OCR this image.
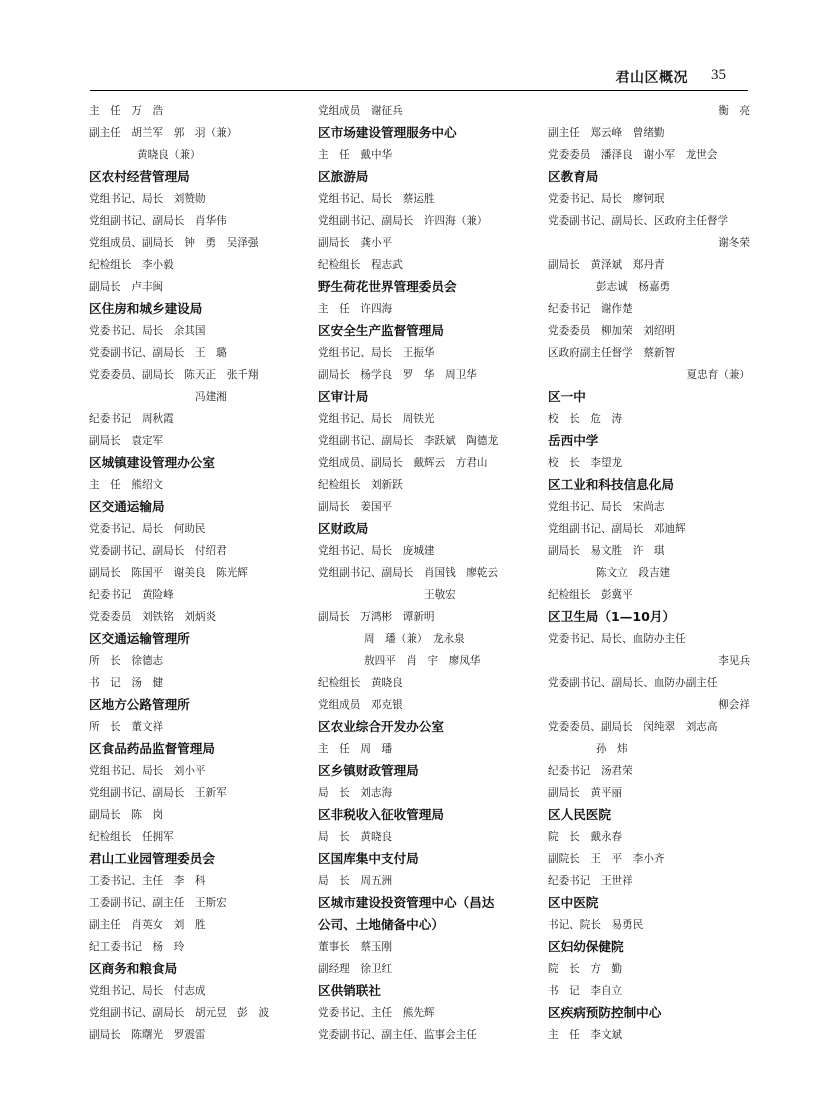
君山区概况 35
主　任　万　浩
副主任　胡兰军　郭　羽（兼）
黄晓良（兼）
区农村经营管理局
党组书记、局长　刘赞勋
党组副书记、副局长　肖华伟
党组成员、副局长　钟　勇　吴泽强
纪检组长　李小毅
副局长　卢丰闽
区住房和城乡建设局
党委书记、局长　余其国
党委副书记、副局长　王　璐
党委委员、副局长　陈天正　张千翔
冯建湘
纪委书记　周秋霞
副局长　袁定军
区城镇建设管理办公室
主　任　熊绍文
区交通运输局
党委书记、局长　何助民
党委副书记、副局长　付绍君
副局长　陈国平　谢美良　陈光辉
纪委书记　黄险峰
党委委员　刘铁铭　刘炳炎
区交通运输管理所
所　长　徐德志
书　记　汤　健
区地方公路管理所
所　长　董文祥
区食品药品监督管理局
党组书记、局长　刘小平
党组副书记、副局长　王新军
副局长　陈　岗
纪检组长　任拥军
君山工业园管理委员会
工委书记、主任　李　科
工委副书记、副主任　王斯宏
副主任　肖英女　刘　胜
纪工委书记　杨　玲
区商务和粮食局
党组书记、局长　付志成
党组副书记、副局长　胡元昱　彭　波
副局长　陈曙光　罗震雷
党组成员　谢征兵
区市场建设管理服务中心
主　任　戴中华
区旅游局
党组书记、局长　蔡运胜
党组副书记、副局长　许四海（兼）
副局长　龚小平
纪检组长　程志武
野生荷花世界管理委员会
主　任　许四海
区安全生产监督管理局
党组书记、局长　王振华
副局长　杨学良　罗　华　周卫华
区审计局
党组书记、局长　周铁光
党组副书记、副局长　李跃斌　陶德龙
党组成员、副局长　戴辉云　方君山
纪检组长　刘新跃
副局长　姜国平
区财政局
党组书记、局长　庞城建
党组副书记、副局长　肖国钱　廖乾云
王敬宏
副局长　万鸿彬　谭新明
周　璠（兼）　龙永泉
敖四平　肖　宇　廖凤华
纪检组长　黄晓良
党组成员　邓克银
区农业综合开发办公室
主　任　周　璠
区乡镇财政管理局
局　长　刘志海
区非税收入征收管理局
局　长　黄晓良
区国库集中支付局
局　长　周五洲
区城市建设投资管理中心（昌达
公司、土地储备中心）
董事长　蔡玉刚
副经理　徐卫红
区供销联社
党委书记、主任　熊先辉
党委副书记、副主任、监事会主任
衡　亮
副主任　郑云峰　曾绪勤
党委委员　潘泽良　谢小军　龙世会
区教育局
党委书记、局长　廖钶珉
党委副书记、副局长、区政府主任督学
谢冬荣
副局长　黄泽斌　郑丹青
彭志诚　杨嘉勇
纪委书记　谢作楚
党委委员　柳加荣　刘绍明
区政府副主任督学　蔡新智
夏忠育（兼）
区一中
校　长　危　涛
岳西中学
校　长　李望龙
区工业和科技信息化局
党组书记、局长　宋尚志
党组副书记、副局长　邓迪辉
副局长　易文胜　许　琪
陈文立　段吉建
纪检组长　彭冀平
区卫生局（1—10月）
党委书记、局长、血防办主任
李见兵
党委副书记、副局长、血防办副主任
柳会祥
党委委员、副局长　闵纯翠　刘志高
孙　炜
纪委书记　汤君荣
副局长　黄平丽
区人民医院
院　长　戴永春
副院长　王　平　李小齐
纪委书记　王世祥
区中医院
书记、院长　易勇民
区妇幼保健院
院　长　方　勤
书　记　李自立
区疾病预防控制中心
主　任　李文斌
